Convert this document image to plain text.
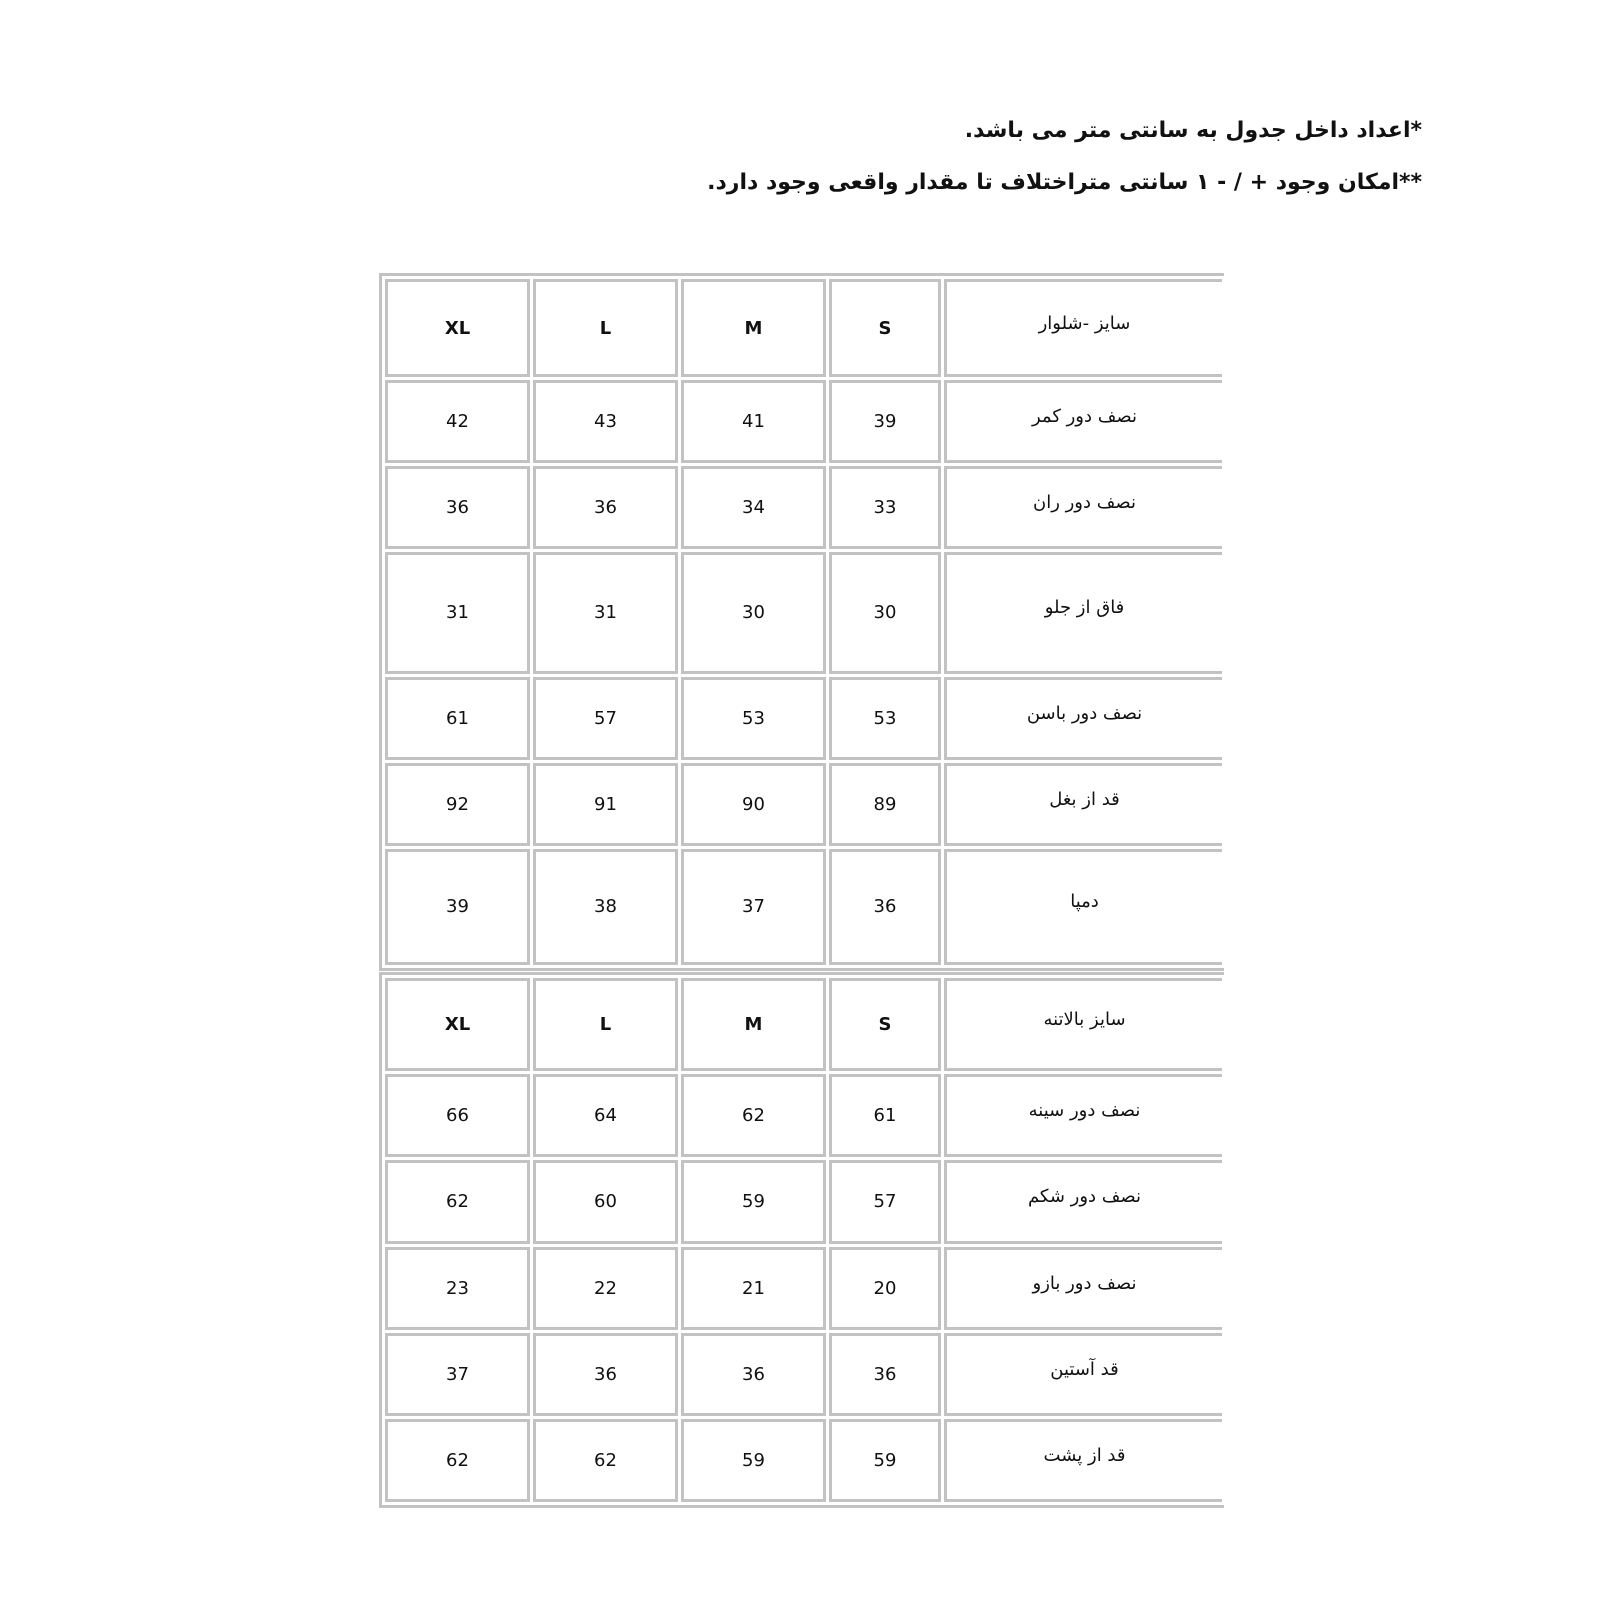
*اعداد داخل جدول به سانتی متر می باشد.
**امکان وجود + / - ۱ سانتی متراختلاف تا مقدار واقعی وجود دارد.
سایز -شلوار	S	M	L	XL
نصف دور کمر	39	41	43	42
نصف دور ران	33	34	36	36
فاق از جلو	30	30	31	31
نصف دور باسن	53	53	57	61
قد از بغل	89	90	91	92
دمپا	36	37	38	39
سایز بالاتنه	S	M	L	XL
نصف دور سینه	61	62	64	66
نصف دور شکم	57	59	60	62
نصف دور بازو	20	21	22	23
قد آستین	36	36	36	37
قد از پشت	59	59	62	62
